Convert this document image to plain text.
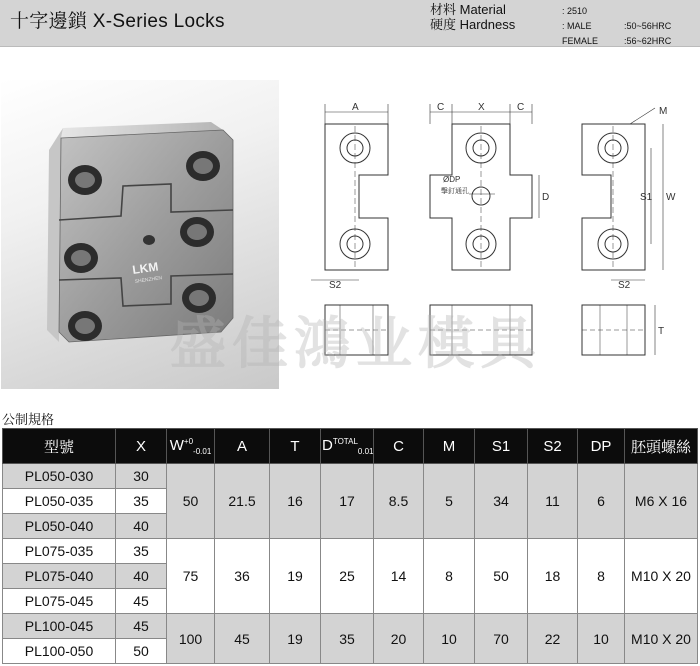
十字邊鎖 X-Series Locks
材料 Material	: 2510
硬度 Hardness	: MALE	:50~56HRC
FEMALE	:56~62HRC
LKM
SHENZHEN
A
S2
C	X	C
ØDP
擊釘通孔
D
M
S1 W
S2
T
盛佳鴻业模具
公制規格
型號	X	$W^{+0}_{-0.01}$	A	T	$D^{TOTAL}_{0.01}$	C	M	S1	S2	DP	胚頭螺絲
PL050-030	30	50	21.5	16	17	8.5	5	34	11	6	M6 X 16
PL050-035	35										
PL050-040	40										
PL075-035	35	75	36	19	25	14	8	50	18	8	M10 X 20
PL075-040	40										
PL075-045	45										
PL100-045	45	100	45	19	35	20	10	70	22	10	M10 X 20
PL100-050	50										
